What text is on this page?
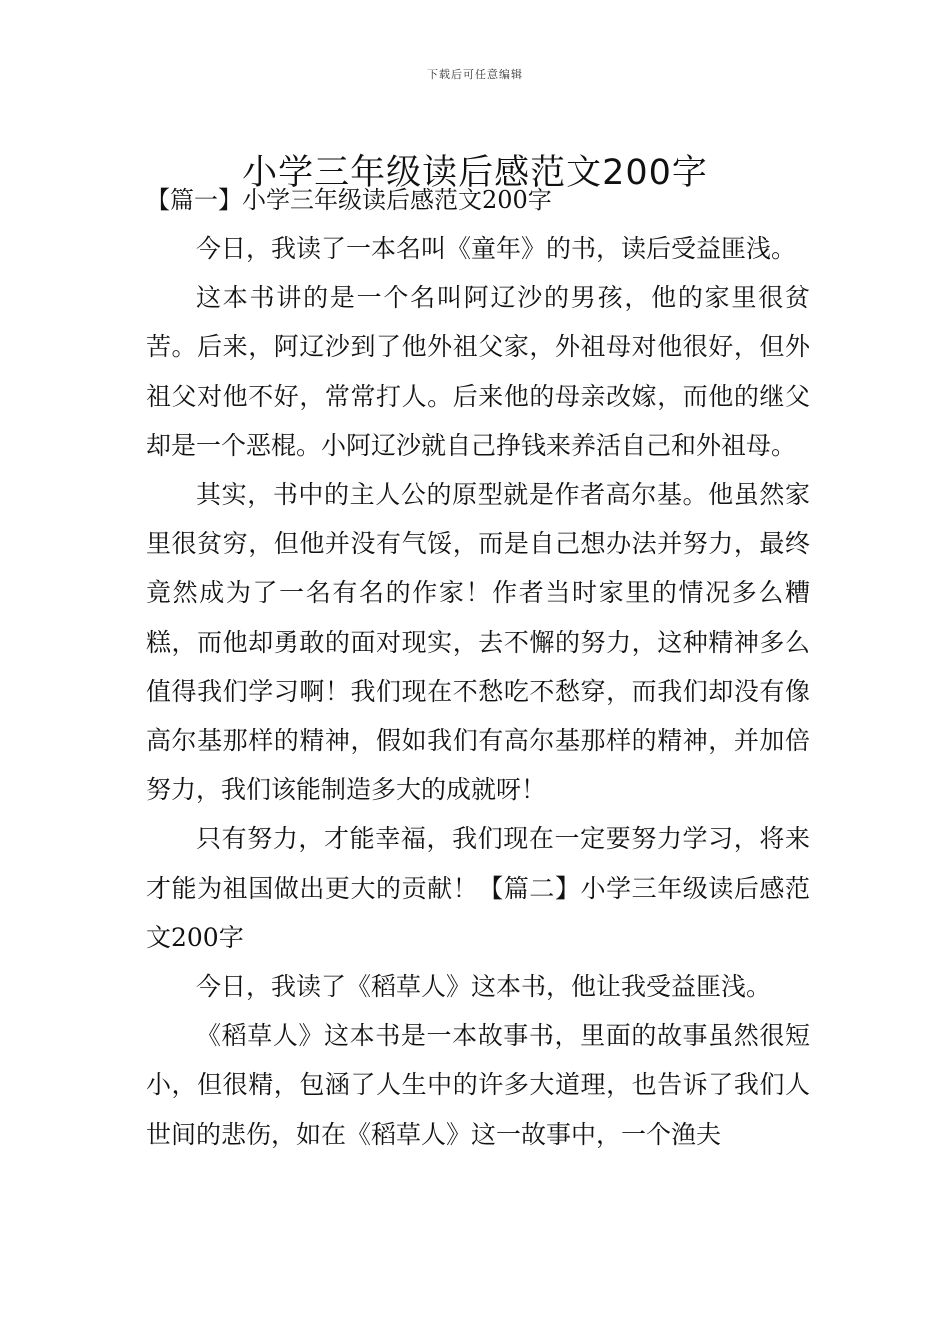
下载后可任意编辑
小学三年级读后感范文200字
【篇一】小学三年级读后感范文200字

今日，我读了一本名叫《童年》的书，读后受益匪浅。

这本书讲的是一个名叫阿辽沙的男孩，他的家里很贫苦。后来，阿辽沙到了他外祖父家，外祖母对他很好，但外祖父对他不好，常常打人。后来他的母亲改嫁，而他的继父却是一个恶棍。小阿辽沙就自己挣钱来养活自己和外祖母。

其实，书中的主人公的原型就是作者高尔基。他虽然家里很贫穷，但他并没有气馁，而是自己想办法并努力，最终竟然成为了一名有名的作家！作者当时家里的情况多么糟糕，而他却勇敢的面对现实，去不懈的努力，这种精神多么值得我们学习啊！我们现在不愁吃不愁穿，而我们却没有像高尔基那样的精神，假如我们有高尔基那样的精神，并加倍努力，我们该能制造多大的成就呀！

只有努力，才能幸福，我们现在一定要努力学习，将来才能为祖国做出更大的贡献！【篇二】小学三年级读后感范文200字

今日，我读了《稻草人》这本书，他让我受益匪浅。

《稻草人》这本书是一本故事书，里面的故事虽然很短小，但很精，包涵了人生中的许多大道理，也告诉了我们人世间的悲伤，如在《稻草人》这一故事中，一个渔夫
